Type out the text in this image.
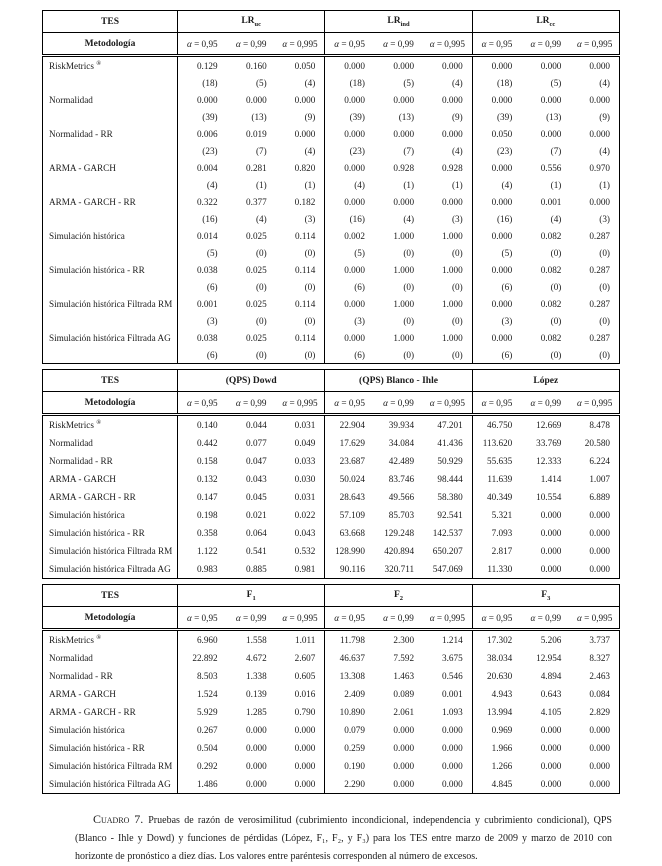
TES	$LR_{uc}$			$LR_{ind}$			$LR_{cc}$
Metodología	α = 0,95	α = 0,99	α = 0,995	α = 0,95	α = 0,99	α = 0,995	α = 0,95	α = 0,99	α = 0,995
RiskMetrics ®	0.129	0.160	0.050	0.000	0.000	0.000	0.000	0.000	0.000
	(18)	(5)	(4)	(18)	(5)	(4)	(18)	(5)	(4)
Normalidad	0.000	0.000	0.000	0.000	0.000	0.000	0.000	0.000	0.000
	(39)	(13)	(9)	(39)	(13)	(9)	(39)	(13)	(9)
Normalidad - RR	0.006	0.019	0.000	0.000	0.000	0.000	0.050	0.000	0.000
	(23)	(7)	(4)	(23)	(7)	(4)	(23)	(7)	(4)
ARMA - GARCH	0.004	0.281	0.820	0.000	0.928	0.928	0.000	0.556	0.970
	(4)	(1)	(1)	(4)	(1)	(1)	(4)	(1)	(1)
ARMA - GARCH - RR	0.322	0.377	0.182	0.000	0.000	0.000	0.000	0.001	0.000
	(16)	(4)	(3)	(16)	(4)	(3)	(16)	(4)	(3)
Simulación histórica	0.014	0.025	0.114	0.002	1.000	1.000	0.000	0.082	0.287
	(5)	(0)	(0)	(5)	(0)	(0)	(5)	(0)	(0)
Simulación histórica - RR	0.038	0.025	0.114	0.000	1.000	1.000	0.000	0.082	0.287
	(6)	(0)	(0)	(6)	(0)	(0)	(6)	(0)	(0)
Simulación histórica Filtrada RM	0.001	0.025	0.114	0.000	1.000	1.000	0.000	0.082	0.287
	(3)	(0)	(0)	(3)	(0)	(0)	(3)	(0)	(0)
Simulación histórica Filtrada AG	0.038	0.025	0.114	0.000	1.000	1.000	0.000	0.082	0.287
	(6)	(0)	(0)	(6)	(0)	(0)	(6)	(0)	(0)
TES	(QPS) Dowd			(QPS) Blanco - Ihle			López		
Metodología	α = 0,95	α = 0,99	α = 0,995	α = 0,95	α = 0,99	α = 0,995	α = 0,95	α = 0,99	α = 0,995
RiskMetrics ®	0.140	0.044	0.031	22.904	39.934	47.201	46.750	12.669	8.478
Normalidad	0.442	0.077	0.049	17.629	34.084	41.436	113.620	33.769	20.580
Normalidad - RR	0.158	0.047	0.033	23.687	42.489	50.929	55.635	12.333	6.224
ARMA - GARCH	0.132	0.043	0.030	50.024	83.746	98.444	11.639	1.414	1.007
ARMA - GARCH - RR	0.147	0.045	0.031	28.643	49.566	58.380	40.349	10.554	6.889
Simulación histórica	0.198	0.021	0.022	57.109	85.703	92.541	5.321	0.000	0.000
Simulación histórica - RR	0.358	0.064	0.043	63.668	129.248	142.537	7.093	0.000	0.000
Simulación histórica Filtrada RM	1.122	0.541	0.532	128.990	420.894	650.207	2.817	0.000	0.000
Simulación histórica Filtrada AG	0.983	0.885	0.981	90.116	320.711	547.069	11.330	0.000	0.000
TES	$F_1$			$F_2$			$F_3$
Metodología	α = 0,95	α = 0,99	α = 0,995	α = 0,95	α = 0,99	α = 0,995	α = 0,95	α = 0,99	α = 0,995
RiskMetrics ®	6.960	1.558	1.011	11.798	2.300	1.214	17.302	5.206	3.737
Normalidad	22.892	4.672	2.607	46.637	7.592	3.675	38.034	12.954	8.327
Normalidad - RR	8.503	1.338	0.605	13.308	1.463	0.546	20.630	4.894	2.463
ARMA - GARCH	1.524	0.139	0.016	2.409	0.089	0.001	4.943	0.643	0.084
ARMA - GARCH - RR	5.929	1.285	0.790	10.890	2.061	1.093	13.994	4.105	2.829
Simulación histórica	0.267	0.000	0.000	0.079	0.000	0.000	0.969	0.000	0.000
Simulación histórica - RR	0.504	0.000	0.000	0.259	0.000	0.000	1.966	0.000	0.000
Simulación histórica Filtrada RM	0.292	0.000	0.000	0.190	0.000	0.000	1.266	0.000	0.000
Simulación histórica Filtrada AG	1.486	0.000	0.000	2.290	0.000	0.000	4.845	0.000	0.000

Cuadro 7. Pruebas de razón de verosimilitud (cubrimiento incondicional, independencia y cubrimiento condicional), QPS (Blanco - Ihle y Dowd) y funciones de pérdidas (López, F₁, F₂, y F₃) para los TES entre marzo de 2009 y marzo de 2010 con horizonte de pronóstico a diez días. Los valores entre paréntesis corresponden al número de excesos.
